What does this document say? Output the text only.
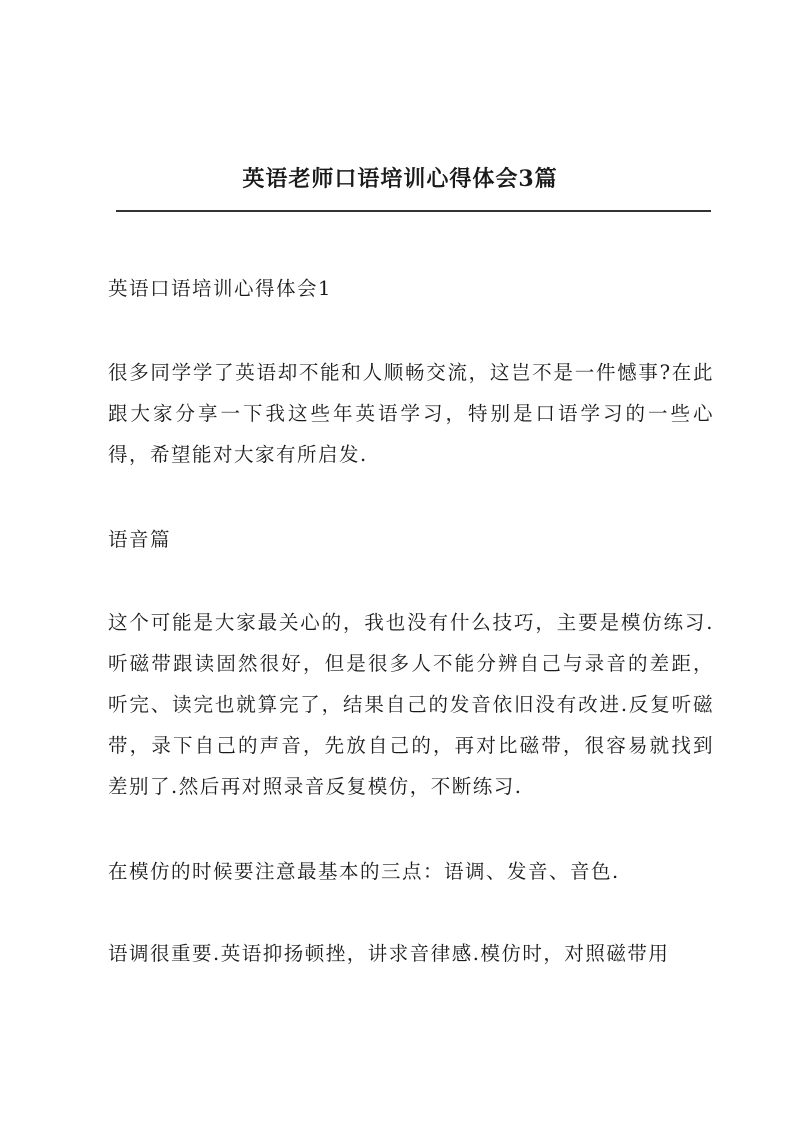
英语老师口语培训心得体会3篇

英语口语培训心得体会1

很多同学学了英语却不能和人顺畅交流，这岂不是一件憾事?在此跟大家分享一下我这些年英语学习，特别是口语学习的一些心得，希望能对大家有所启发.

语音篇

这个可能是大家最关心的，我也没有什么技巧，主要是模仿练习.听磁带跟读固然很好，但是很多人不能分辨自己与录音的差距，听完、读完也就算完了，结果自己的发音依旧没有改进.反复听磁带，录下自己的声音，先放自己的，再对比磁带，很容易就找到差别了.然后再对照录音反复模仿，不断练习.

在模仿的时候要注意最基本的三点：语调、发音、音色.

语调很重要.英语抑扬顿挫，讲求音律感.模仿时，对照磁带用
